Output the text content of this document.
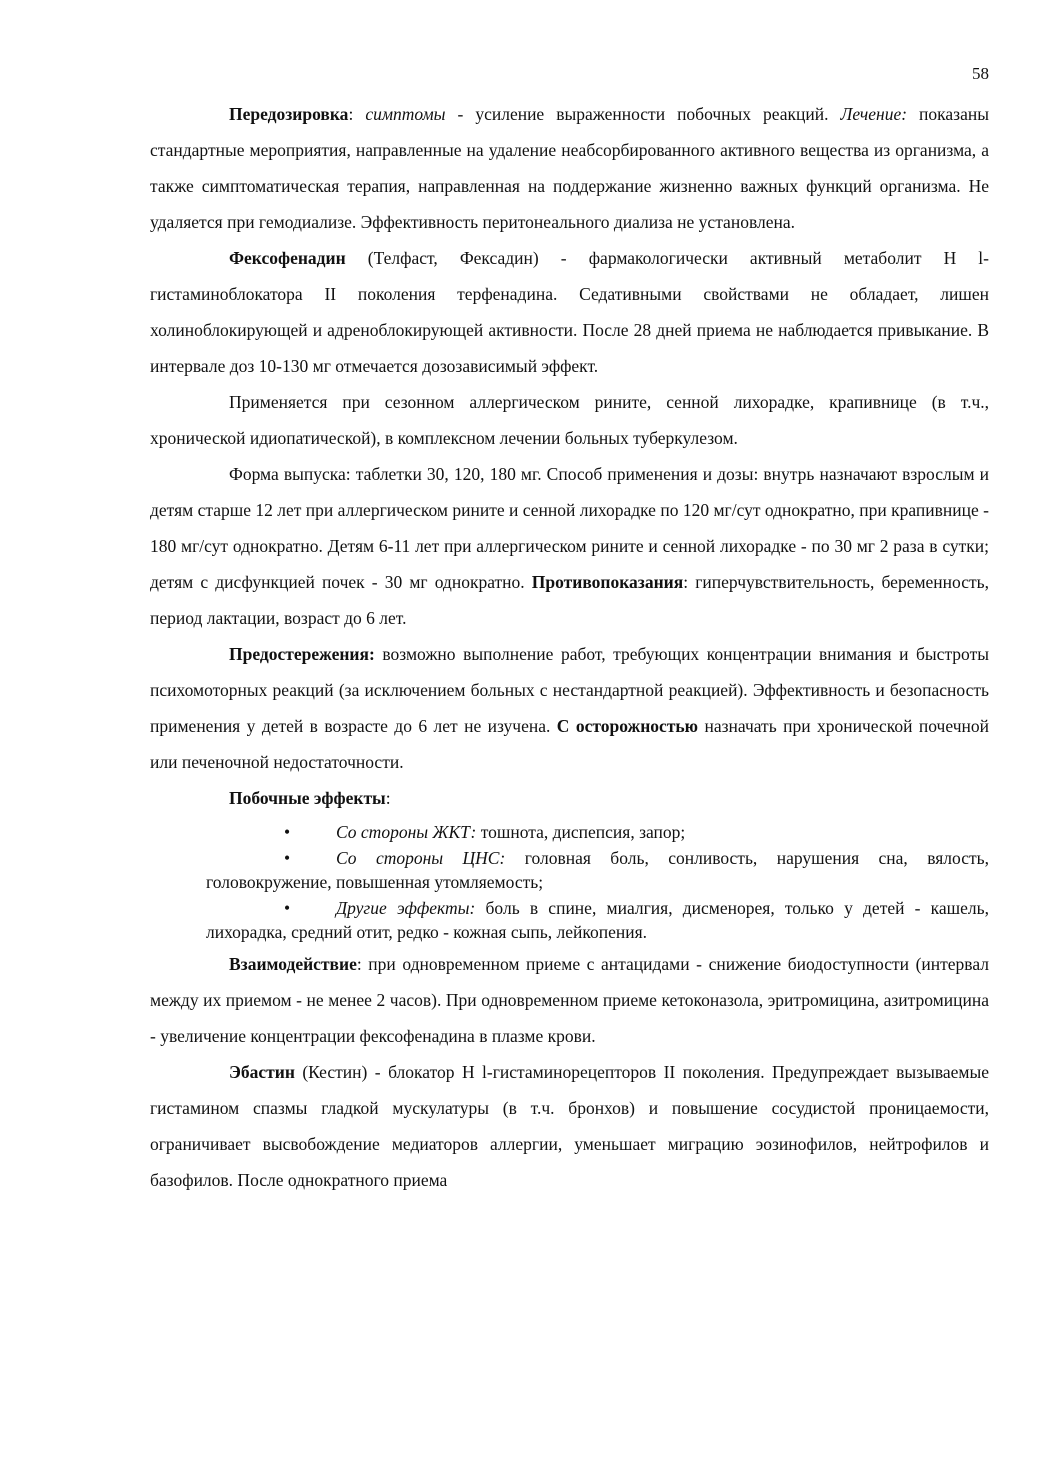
58

Передозировка: симптомы - усиление выраженности побочных реакций. Лечение: показаны стандартные мероприятия, направленные на удаление неабсорбированного активного вещества из организма, а также симптоматическая терапия, направленная на поддержание жизненно важных функций организма. Не удаляется при гемодиализе. Эффективность перитонеального диализа не установлена.

Фексофенадин (Телфаст, Фексадин) - фармакологически активный метаболит Н l-гистаминоблокатора II поколения терфенадина. Седативными свойствами не обладает, лишен холиноблокирующей и адреноблокирующей активности. После 28 дней приема не наблюдается привыкание. В интервале доз 10-130 мг отмечается дозозависимый эффект.

Применяется при сезонном аллергическом рините, сенной лихорадке, крапивнице (в т.ч., хронической идиопатической), в комплексном лечении больных туберкулезом.

Форма выпуска: таблетки 30, 120, 180 мг. Способ применения и дозы: внутрь назначают взрослым и детям старше 12 лет при аллергическом рините и сенной лихорадке по 120 мг/сут однократно, при крапивнице - 180 мг/сут однократно. Детям 6-11 лет при аллергическом рините и сенной лихорадке - по 30 мг 2 раза в сутки; детям с дисфункцией почек - 30 мг однократно. Противопоказания: гиперчувствительность, беременность, период лактации, возраст до 6 лет.

Предостережения: возможно выполнение работ, требующих концентрации внимания и быстроты психомоторных реакций (за исключением больных с нестандартной реакцией). Эффективность и безопасность применения у детей в возрасте до 6 лет не изучена. С осторожностью назначать при хронической почечной или печеночной недостаточности.

Побочные эффекты:

•	Со стороны ЖКТ: тошнота, диспепсия, запор;
•	Со стороны ЦНС: головная боль, сонливость, нарушения сна, вялость, головокружение, повышенная утомляемость;
•	Другие эффекты: боль в спине, миалгия, дисменорея, только у детей - кашель, лихорадка, средний отит, редко - кожная сыпь, лейкопения.

Взаимодействие: при одновременном приеме с антацидами - снижение биодоступности (интервал между их приемом - не менее 2 часов). При одновременном приеме кетоконазола, эритромицина, азитромицина - увеличение концентрации фексофенадина в плазме крови.

Эбастин (Кестин) - блокатор Н l-гистаминорецепторов II поколения. Предупреждает вызываемые гистамином спазмы гладкой мускулатуры (в т.ч. бронхов) и повышение сосудистой проницаемости, ограничивает высвобождение медиаторов аллергии, уменьшает миграцию эозинофилов, нейтрофилов и базофилов. После однократного приема
